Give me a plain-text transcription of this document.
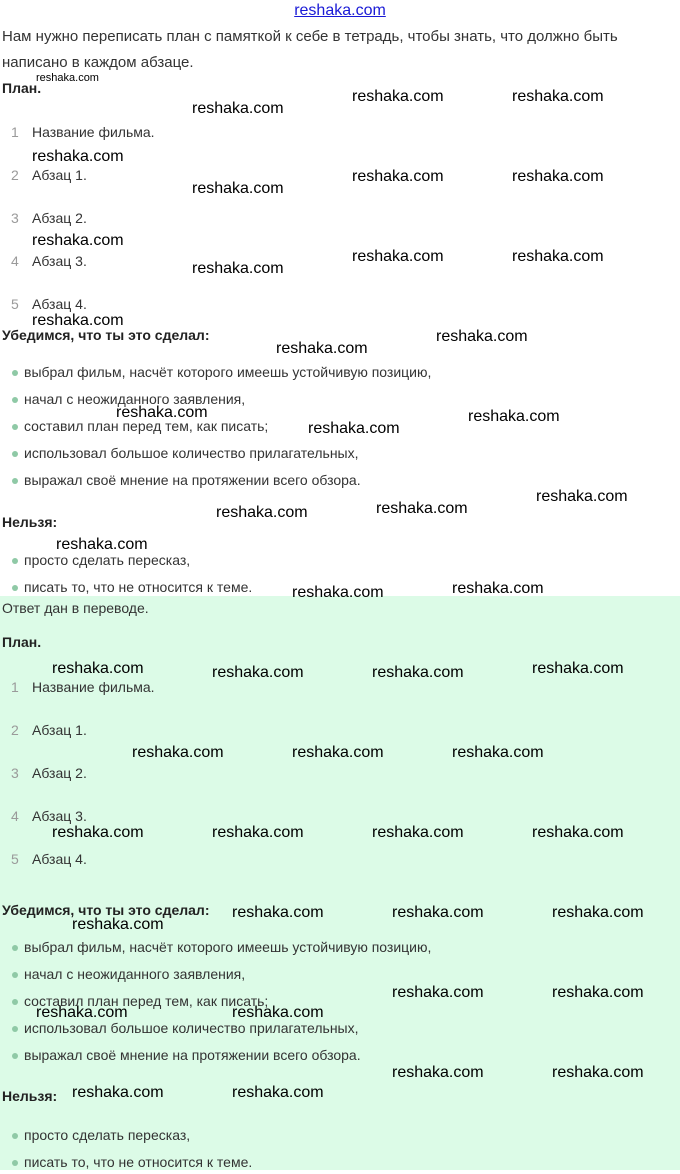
reshaka.com
Нам нужно переписать план с памяткой к себе в тетрадь, чтобы знать, что должно быть написано в каждом абзаце.
План.
1 Название фильма.
2 Абзац 1.
3 Абзац 2.
4 Абзац 3.
5 Абзац 4.
Убедимся, что ты это сделал:
выбрал фильм, насчёт которого имеешь устойчивую позицию,
начал с неожиданного заявления,
составил план перед тем, как писать;
использовал большое количество прилагательных,
выражал своё мнение на протяжении всего обзора.
Нельзя:
просто сделать пересказ,
писать то, что не относится к теме.
Ответ дан в переводе.
План.
1 Название фильма.
2 Абзац 1.
3 Абзац 2.
4 Абзац 3.
5 Абзац 4.
Убедимся, что ты это сделал:
выбрал фильм, насчёт которого имеешь устойчивую позицию,
начал с неожиданного заявления,
составил план перед тем, как писать;
использовал большое количество прилагательных,
выражал своё мнение на протяжении всего обзора.
Нельзя:
просто сделать пересказ,
писать то, что не относится к теме.
reshaka.com
reshaka.com
reshaka.com	reshaka.com
reshaka.com
reshaka.com
reshaka.com	reshaka.com
reshaka.com
reshaka.com
reshaka.com	reshaka.com
reshaka.com
reshaka.com
reshaka.com
reshaka.com
reshaka.com
reshaka.com
reshaka.com
reshaka.com	reshaka.com
reshaka.com
reshaka.com	reshaka.com
reshaka.com	reshaka.com	reshaka.com	reshaka.com
reshaka.com	reshaka.com	reshaka.com
reshaka.com	reshaka.com	reshaka.com	reshaka.com
reshaka.com	reshaka.com	reshaka.com
reshaka.com
reshaka.com	reshaka.com
reshaka.com	reshaka.com
reshaka.com	reshaka.com
reshaka.com	reshaka.com
